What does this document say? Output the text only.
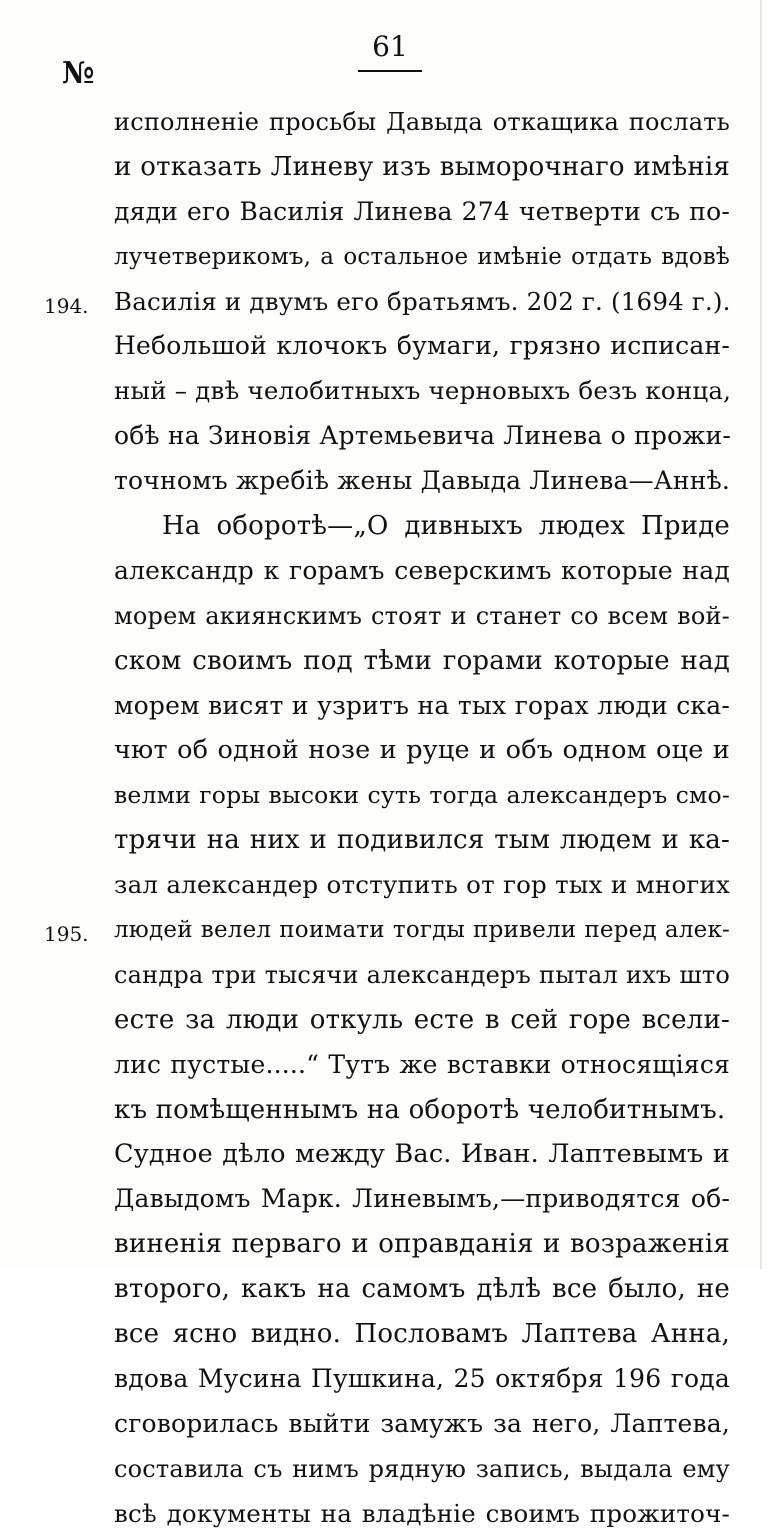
61
№
194.
195.
исполненіе просьбы Давыда откащика послать
и отказать Линеву изъ выморочнаго имѣнія
дяди его Василія Линева 274 четверти съ по-
лучетверикомъ, а остальное имѣніе отдать вдовѣ
Василія и двумъ его братьямъ. 202 г. (1694 г.).
Небольшой клочокъ бумаги, грязно исписан-
ный – двѣ челобитныхъ черновыхъ безъ конца,
обѣ на Зиновія Артемьевича Линева о прожи-
точномъ жребіѣ жены Давыда Линева—Аннѣ.
На оборотѣ—„О дивныхъ людех Приде
александр к горамъ северскимъ которые над
морем акиянскимъ стоят и станет со всем вой-
ском своимъ под тѣми горами которые над
морем висят и узритъ на тых горах люди ска-
чют об одной нозе и руце и объ одном оце и
велми горы высоки суть тогда александеръ смо-
трячи на них и подивился тым людем и ка-
зал александер отступить от гор тых и многих
людей велел поимати тогды привели перед алек-
сандра три тысячи александеръ пытал ихъ што
есте за люди откуль есте в сей горе всели-
лис пустые.....“ Тутъ же вставки относящіяся
къ помѣщеннымъ на оборотѣ челобитнымъ.
Судное дѣло между Вас. Иван. Лаптевымъ и
Давыдомъ Марк. Линевымъ,—приводятся об-
виненія перваго и оправданія и возраженія
второго, какъ на самомъ дѣлѣ все было, не
все ясно видно. Пословамъ Лаптева Анна,
вдова Мусина Пушкина, 25 октября 196 года
сговорилась выйти замужъ за него, Лаптева,
составила съ нимъ рядную запись, выдала ему
всѣ документы на владѣніе своимъ прожиточ-
